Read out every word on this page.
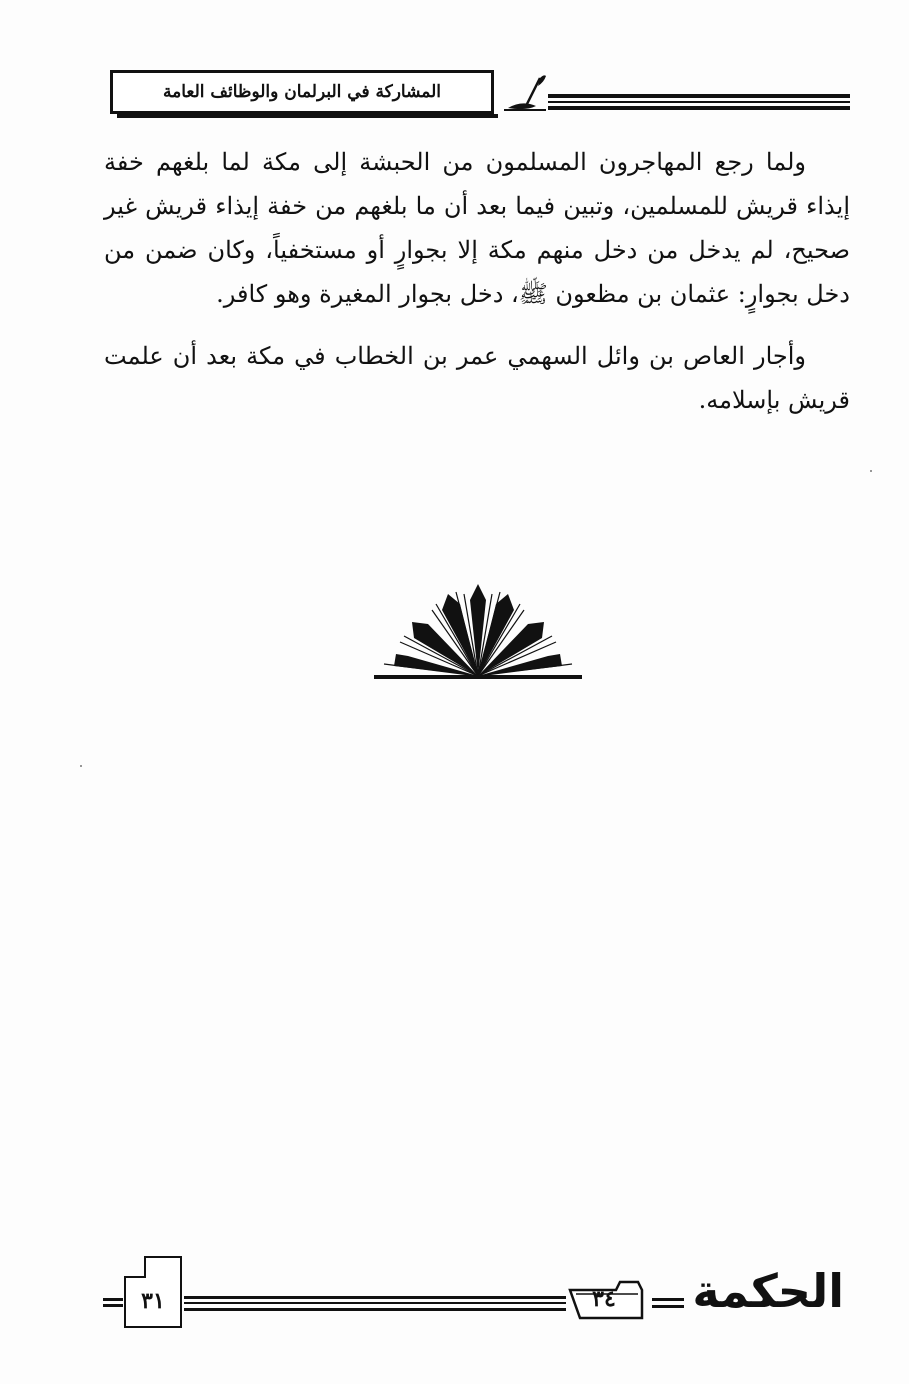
المشاركة في البرلمان والوظائف العامة

ولما رجع المهاجرون المسلمون من الحبشة إلى مكة لما بلغهم خفة إيذاء قريش للمسلمين، وتبين فيما بعد أن ما بلغهم من خفة إيذاء قريش غير صحيح، لم يدخل من دخل منهم مكة إلا بجوارٍ أو مستخفياً، وكان ضمن من دخل بجوارٍ: عثمان بن مظعون ﷺ، دخل بجوار المغيرة وهو كافر.

وأجار العاص بن وائل السهمي عمر بن الخطاب في مكة بعد أن علمت قريش بإسلامه.

٣١	٣٤ الحكمة
